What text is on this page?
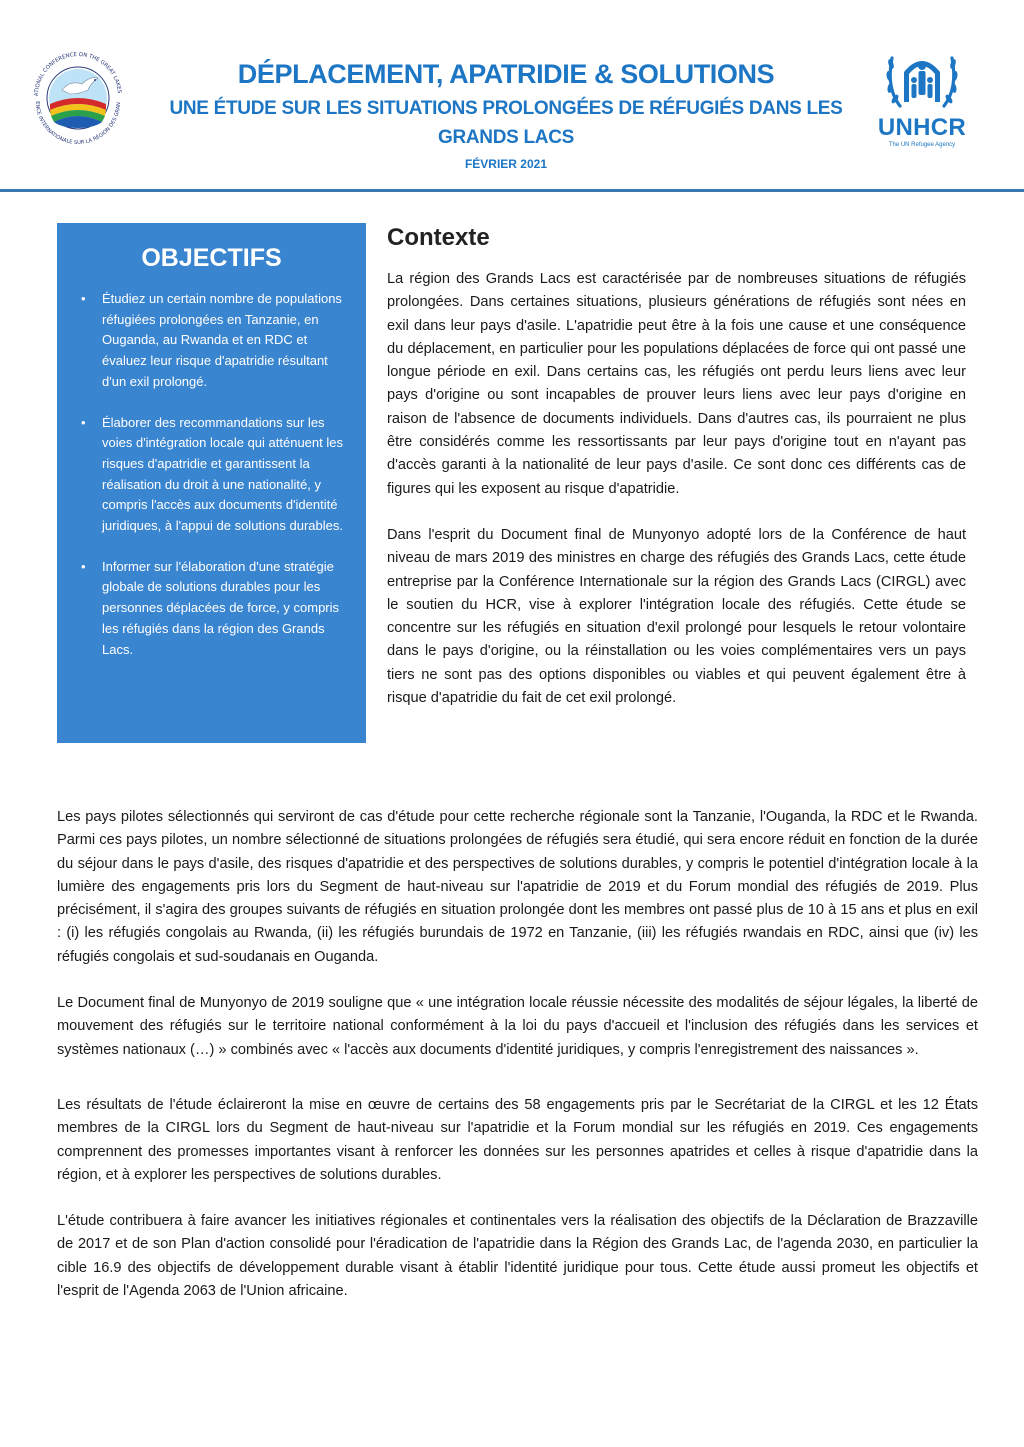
ATIONAL CONFERENCE ON THE GREAT LAKES
ENCE INTERNATIONALE SUR LA RÉGION DES GRAN
DÉPLACEMENT, APATRIDIE & SOLUTIONS
UNE ÉTUDE SUR LES SITUATIONS PROLONGÉES DE RÉFUGIÉS DANS LES GRANDS LACS
FÉVRIER 2021
UNHCR
The UN Refugee Agency
OBJECTIFS
• Étudiez un certain nombre de populations réfugiées prolongées en Tanzanie, en Ouganda, au Rwanda et en RDC et évaluez leur risque d'apatridie résultant d'un exil prolongé.
• Élaborer des recommandations sur les voies d'intégration locale qui atténuent les risques d'apatridie et garantissent la réalisation du droit à une nationalité, y compris l'accès aux documents d'identité juridiques, à l'appui de solutions durables.
• Informer sur l'élaboration d'une stratégie globale de solutions durables pour les personnes déplacées de force, y compris les réfugiés dans la région des Grands Lacs.
Contexte

La région des Grands Lacs est caractérisée par de nombreuses situations de réfugiés prolongées. Dans certaines situations, plusieurs générations de réfugiés sont nées en exil dans leur pays d'asile. L'apatridie peut être à la fois une cause et une conséquence du déplacement, en particulier pour les populations déplacées de force qui ont passé une longue période en exil. Dans certains cas, les réfugiés ont perdu leurs liens avec leur pays d'origine ou sont incapables de prouver leurs liens avec leur pays d'origine en raison de l'absence de documents individuels. Dans d'autres cas, ils pourraient ne plus être considérés comme les ressortissants par leur pays d'origine tout en n'ayant pas d'accès garanti à la nationalité de leur pays d'asile. Ce sont donc ces différents cas de figures qui les exposent au risque d'apatridie.

Dans l'esprit du Document final de Munyonyo adopté lors de la Conférence de haut niveau de mars 2019 des ministres en charge des réfugiés des Grands Lacs, cette étude entreprise par la Conférence Internationale sur la région des Grands Lacs (CIRGL) avec le soutien du HCR, vise à explorer l'intégration locale des réfugiés. Cette étude se concentre sur les réfugiés en situation d'exil prolongé pour lesquels le retour volontaire dans le pays d'origine, ou la réinstallation ou les voies complémentaires vers un pays tiers ne sont pas des options disponibles ou viables et qui peuvent également être à risque d'apatridie du fait de cet exil prolongé.

Les pays pilotes sélectionnés qui serviront de cas d'étude pour cette recherche régionale sont la Tanzanie, l'Ouganda, la RDC et le Rwanda. Parmi ces pays pilotes, un nombre sélectionné de situations prolongées de réfugiés sera étudié, qui sera encore réduit en fonction de la durée du séjour dans le pays d'asile, des risques d'apatridie et des perspectives de solutions durables, y compris le potentiel d'intégration locale à la lumière des engagements pris lors du Segment de haut-niveau sur l'apatridie de 2019 et du Forum mondial des réfugiés de 2019. Plus précisément, il s'agira des groupes suivants de réfugiés en situation prolongée dont les membres ont passé plus de 10 à 15 ans et plus en exil : (i) les réfugiés congolais au Rwanda, (ii) les réfugiés burundais de 1972 en Tanzanie, (iii) les réfugiés rwandais en RDC, ainsi que (iv) les réfugiés congolais et sud-soudanais en Ouganda.

Le Document final de Munyonyo de 2019 souligne que « une intégration locale réussie nécessite des modalités de séjour légales, la liberté de mouvement des réfugiés sur le territoire national conformément à la loi du pays d'accueil et l'inclusion des réfugiés dans les services et systèmes nationaux (…) » combinés avec « l'accès aux documents d'identité juridiques, y compris l'enregistrement des naissances ».

Les résultats de l'étude éclaireront la mise en œuvre de certains des 58 engagements pris par le Secrétariat de la CIRGL et les 12 États membres de la CIRGL lors du Segment de haut-niveau sur l'apatridie et la Forum mondial sur les réfugiés en 2019. Ces engagements comprennent des promesses importantes visant à renforcer les données sur les personnes apatrides et celles à risque d'apatridie dans la région, et à explorer les perspectives de solutions durables.

L'étude contribuera à faire avancer les initiatives régionales et continentales vers la réalisation des objectifs de la Déclaration de Brazzaville de 2017 et de son Plan d'action consolidé pour l'éradication de l'apatridie dans la Région des Grands Lac, de l'agenda 2030, en particulier la cible 16.9 des objectifs de développement durable visant à établir l'identité juridique pour tous. Cette étude aussi promeut les objectifs et l'esprit de l'Agenda 2063 de l'Union africaine.
